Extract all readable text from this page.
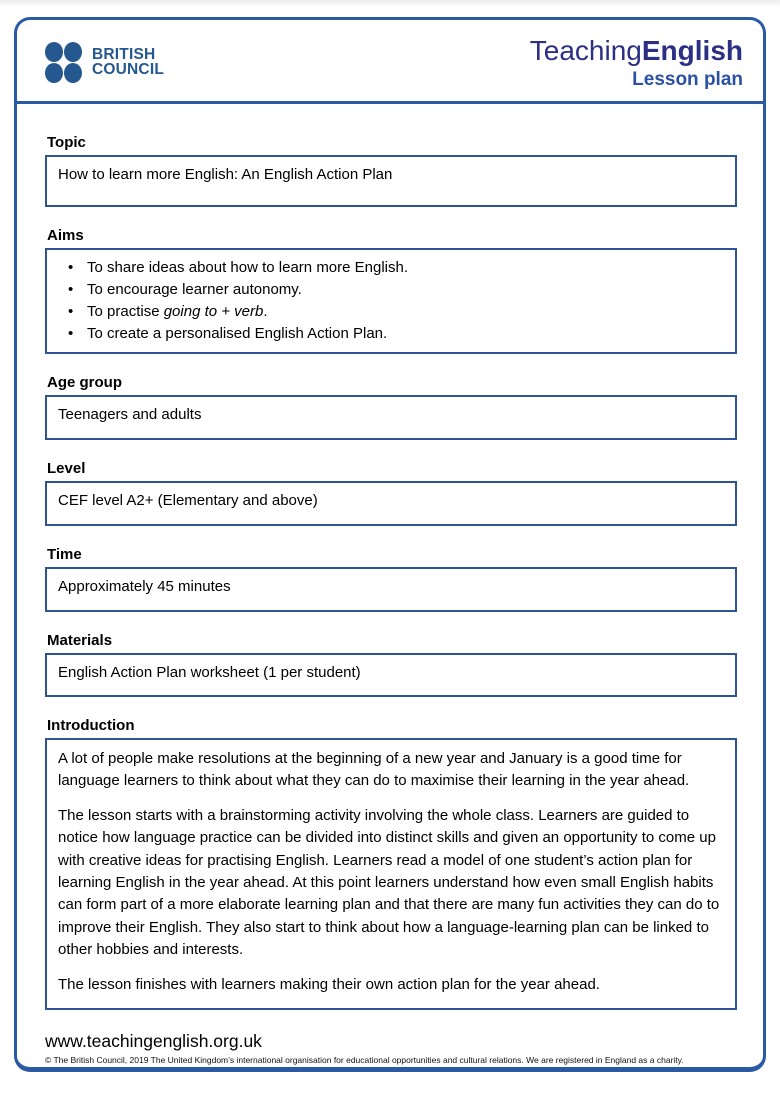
BRITISH
COUNCIL
TeachingEnglish
Lesson plan
Topic
How to learn more English: An English Action Plan
Aims
• To share ideas about how to learn more English.
• To encourage learner autonomy.
• To practise going to + verb.
• To create a personalised English Action Plan.
Age group
Teenagers and adults
Level
CEF level A2+ (Elementary and above)
Time
Approximately 45 minutes
Materials
English Action Plan worksheet (1 per student)
Introduction

A lot of people make resolutions at the beginning of a new year and January is a good time for language learners to think about what they can do to maximise their learning in the year ahead.

The lesson starts with a brainstorming activity involving the whole class. Learners are guided to notice how language practice can be divided into distinct skills and given an opportunity to come up with creative ideas for practising English. Learners read a model of one student’s action plan for learning English in the year ahead. At this point learners understand how even small English habits can form part of a more elaborate learning plan and that there are many fun activities they can do to improve their English. They also start to think about how a language-learning plan can be linked to other hobbies and interests.

The lesson finishes with learners making their own action plan for the year ahead.

www.teachingenglish.org.uk
© The British Council, 2019 The United Kingdom’s international organisation for educational opportunities and cultural relations. We are registered in England as a charity.
